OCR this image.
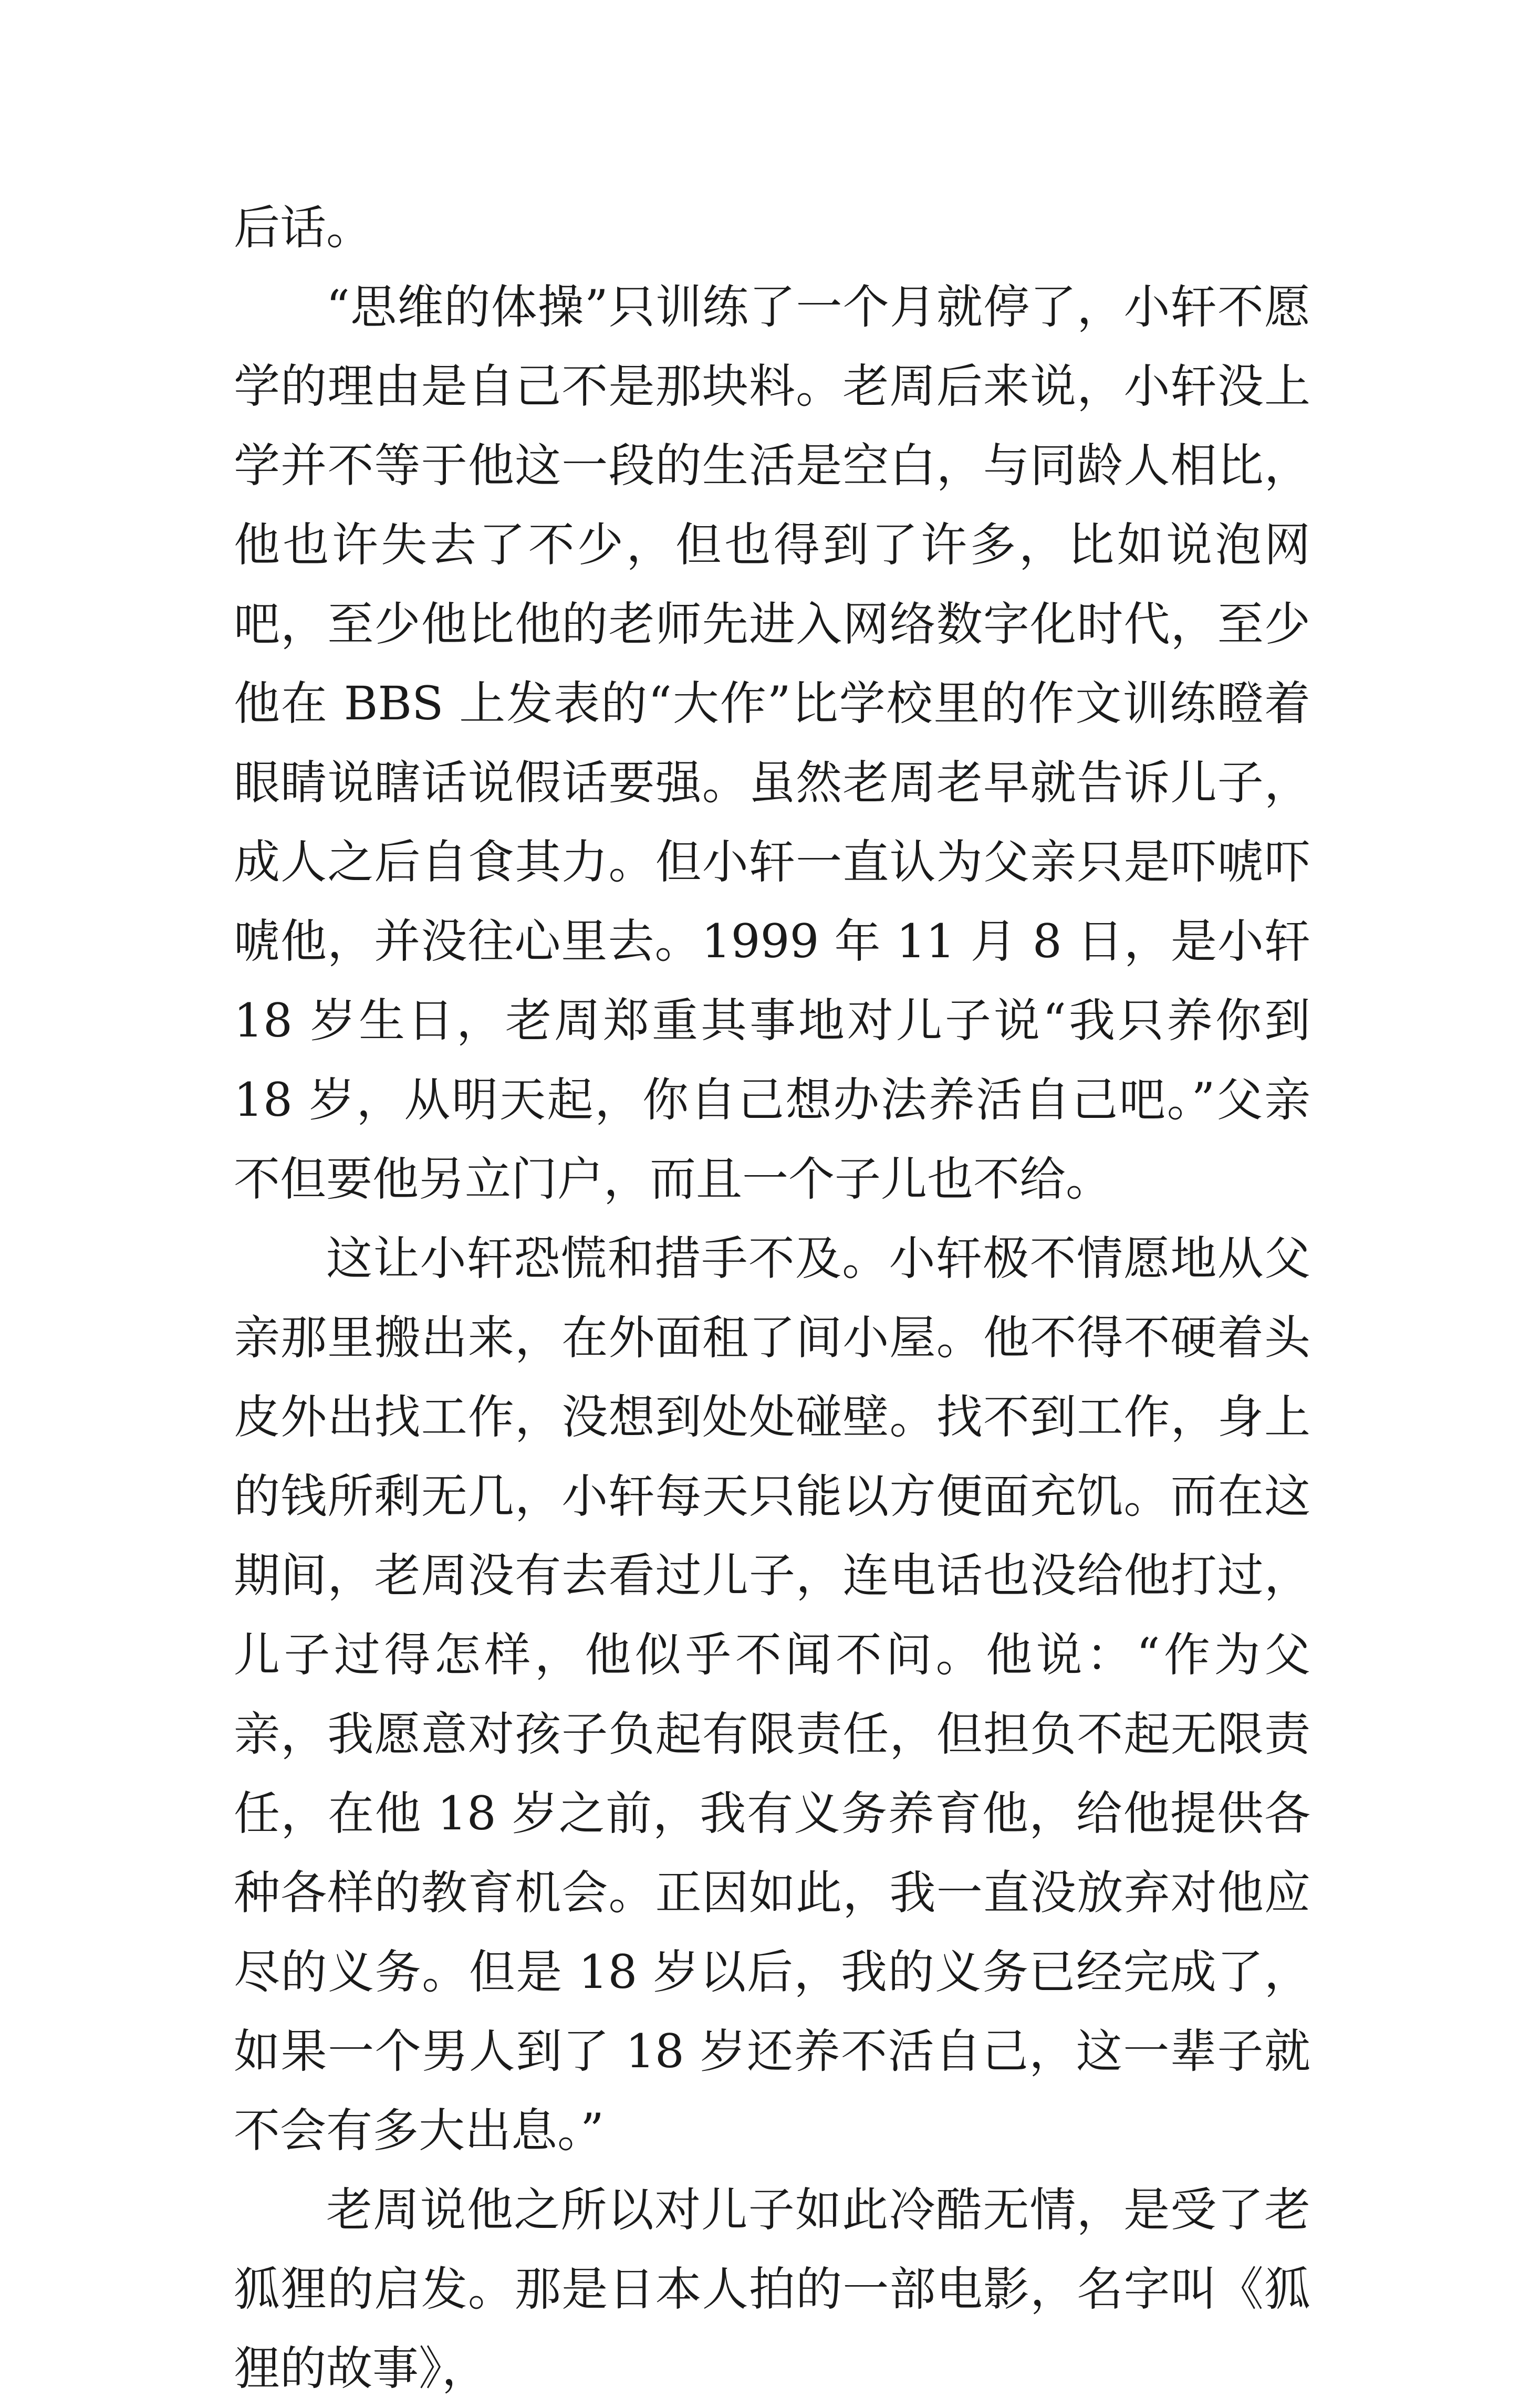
后话。

“思维的体操”只训练了一个月就停了，小轩不愿学的理由是自己不是那块料。老周后来说，小轩没上学并不等于他这一段的生活是空白，与同龄人相比，他也许失去了不少，但也得到了许多，比如说泡网吧，至少他比他的老师先进入网络数字化时代，至少他在 BBS 上发表的“大作”比学校里的作文训练瞪着眼睛说瞎话说假话要强。虽然老周老早就告诉儿子，成人之后自食其力。但小轩一直认为父亲只是吓唬吓唬他，并没往心里去。1999 年 11 月 8 日，是小轩 18 岁生日，老周郑重其事地对儿子说“我只养你到 18 岁，从明天起，你自己想办法养活自己吧。”父亲不但要他另立门户，而且一个子儿也不给。

这让小轩恐慌和措手不及。小轩极不情愿地从父亲那里搬出来，在外面租了间小屋。他不得不硬着头皮外出找工作，没想到处处碰壁。找不到工作，身上的钱所剩无几，小轩每天只能以方便面充饥。而在这期间，老周没有去看过儿子，连电话也没给他打过，儿子过得怎样，他似乎不闻不问。他说：“作为父亲，我愿意对孩子负起有限责任，但担负不起无限责任，在他 18 岁之前，我有义务养育他，给他提供各种各样的教育机会。正因如此，我一直没放弃对他应尽的义务。但是 18 岁以后，我的义务已经完成了，如果一个男人到了 18 岁还养不活自己，这一辈子就不会有多大出息。”

老周说他之所以对儿子如此冷酷无情，是受了老狐狸的启发。那是日本人拍的一部电影，名字叫《狐狸的故事》，
